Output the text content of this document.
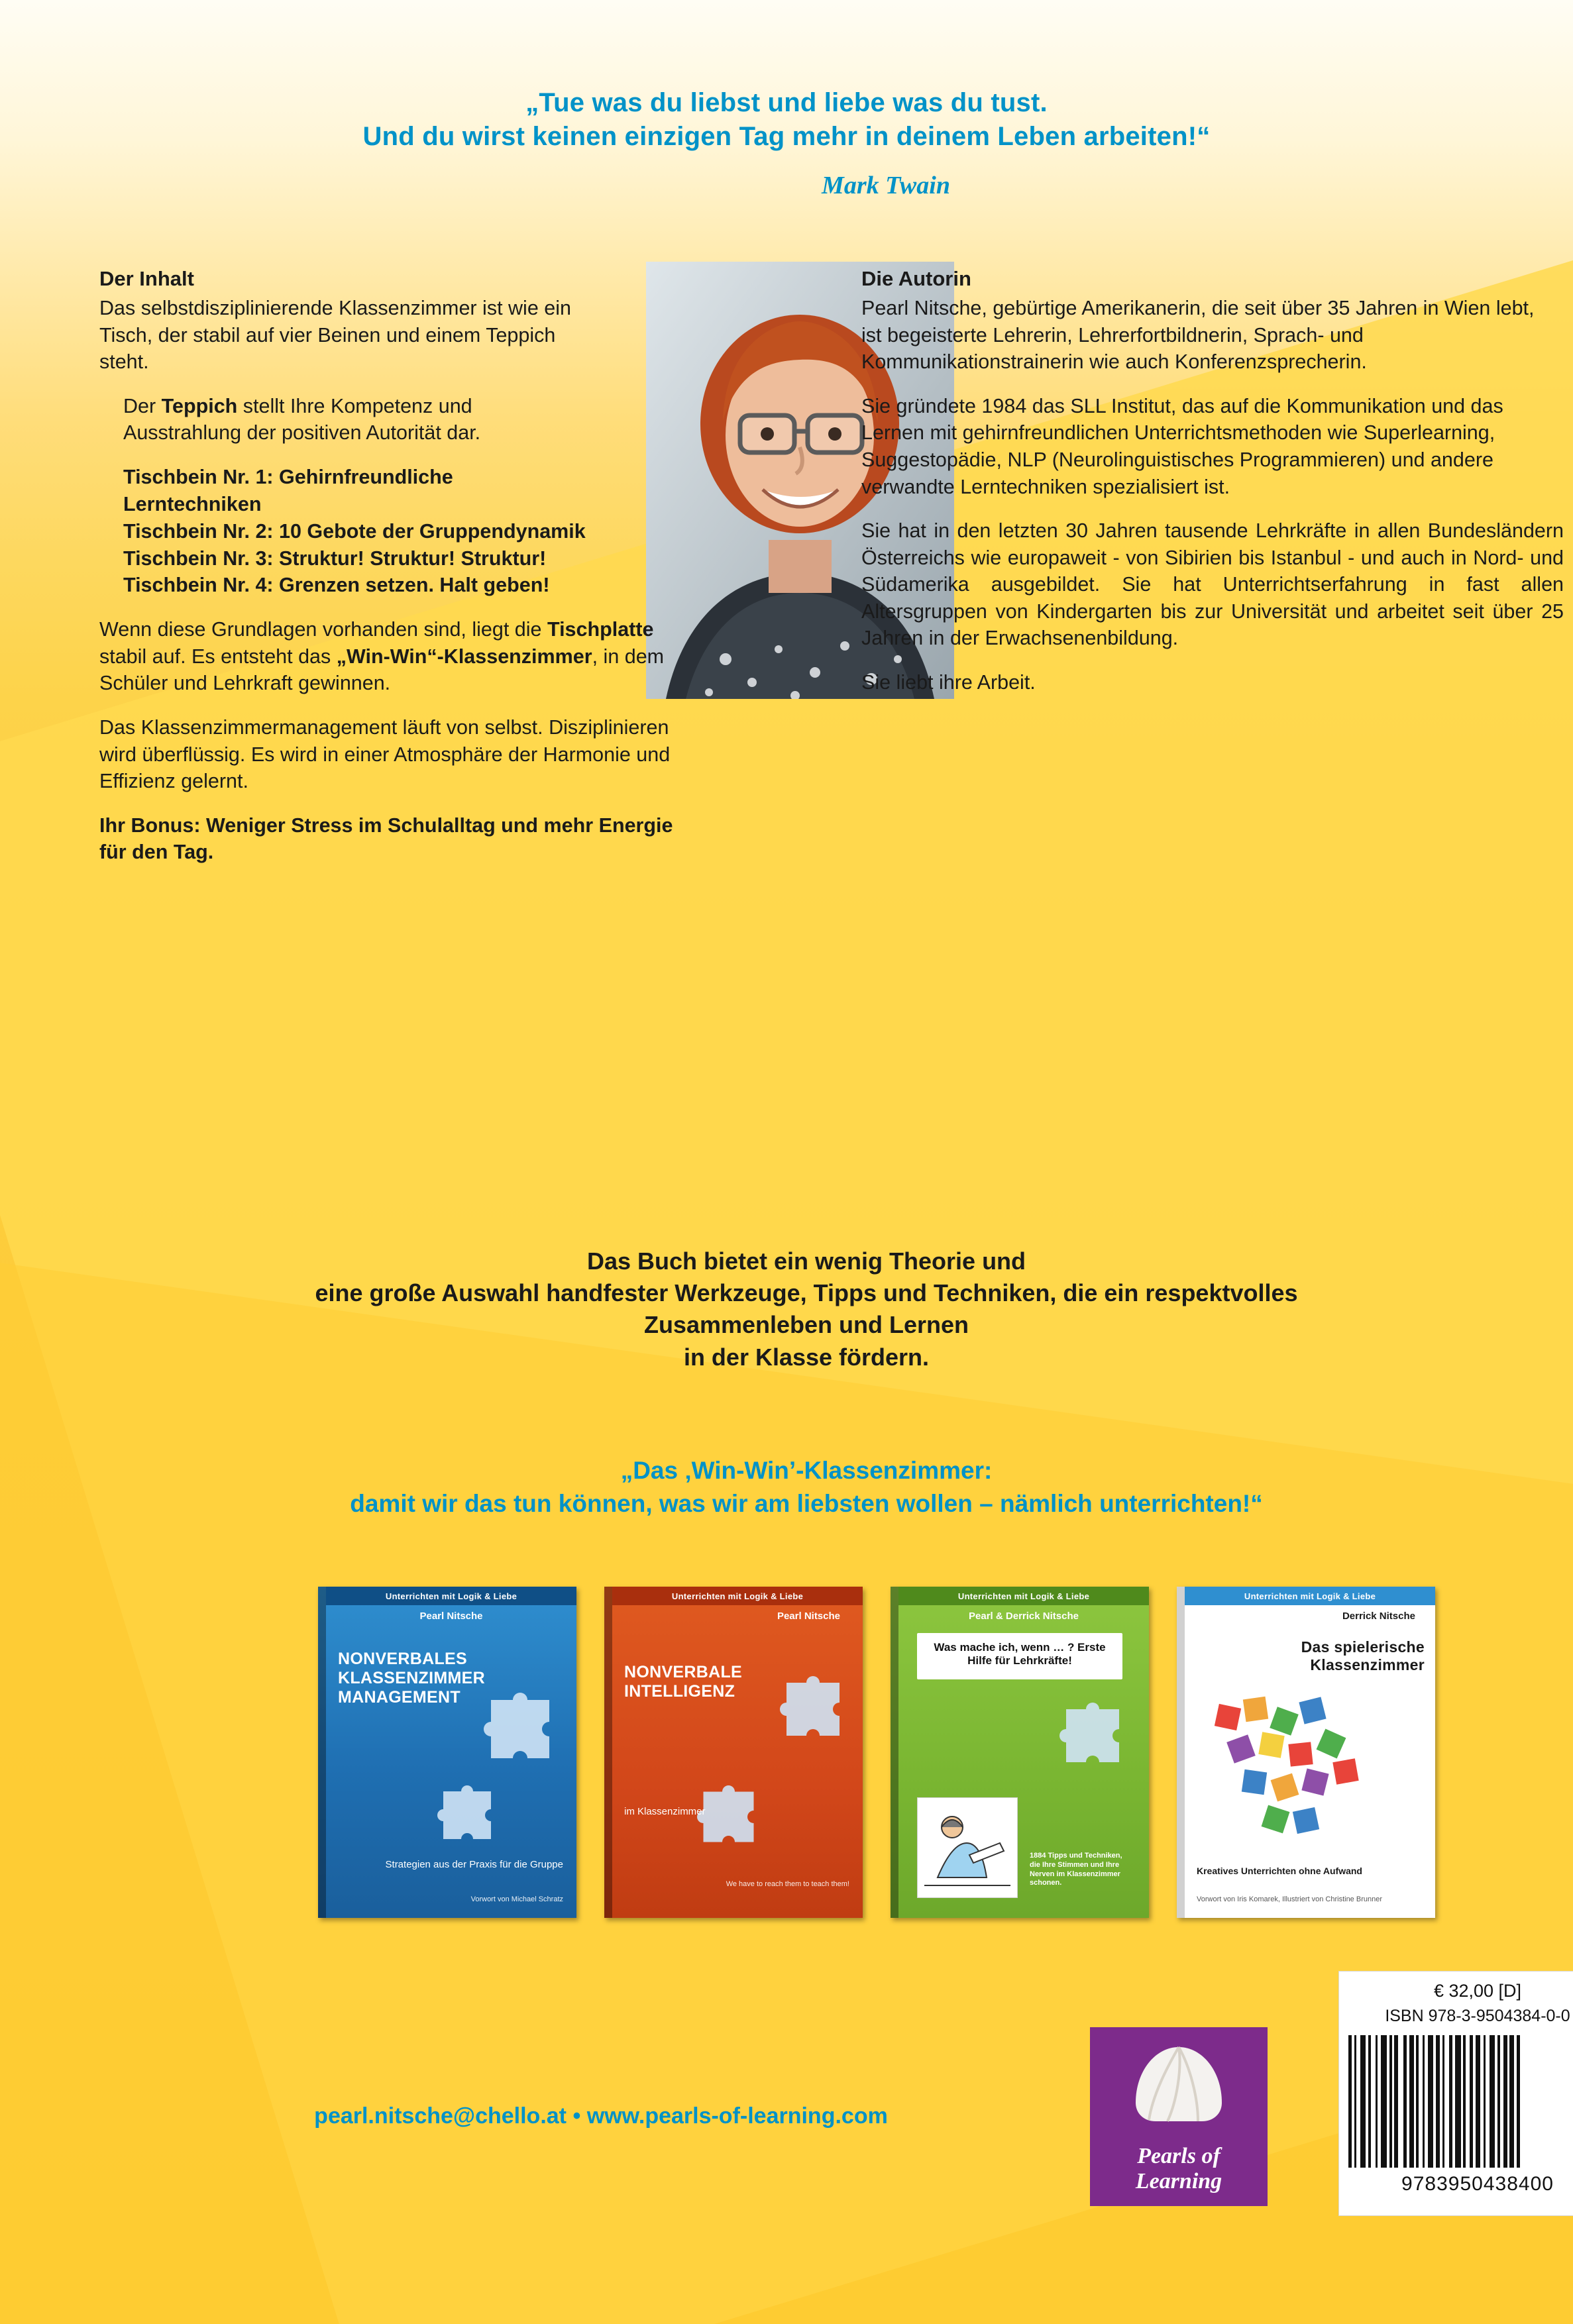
„Tue was du liebst und liebe was du tust.
Und du wirst keinen einzigen Tag mehr in deinem Leben arbeiten!“
Mark Twain
Der Inhalt
Das selbstdisziplinierende Klassenzimmer ist wie ein Tisch, der stabil auf vier Beinen und einem Teppich steht.
Der Teppich stellt Ihre Kompetenz und Ausstrahlung der positiven Autorität dar.
Tischbein Nr. 1: Gehirnfreundliche Lerntechniken
Tischbein Nr. 2: 10 Gebote der Gruppendynamik
Tischbein Nr. 3: Struktur! Struktur! Struktur!
Tischbein Nr. 4: Grenzen setzen. Halt geben!
Wenn diese Grundlagen vorhanden sind, liegt die Tischplatte stabil auf. Es entsteht das „Win-Win“-Klassenzimmer, in dem Schüler und Lehrkraft gewinnen.
Das Klassenzimmermanagement läuft von selbst. Disziplinieren wird überflüssig. Es wird in einer Atmosphäre der Harmonie und Effizienz gelernt.
Ihr Bonus: Weniger Stress im Schulalltag und mehr Energie für den Tag.
Die Autorin
Pearl Nitsche, gebürtige Amerikanerin, die seit über 35 Jahren in Wien lebt, ist begeisterte Lehrerin, Lehrerfortbildnerin, Sprach- und Kommunikationstrainerin wie auch Konferenzsprecherin.
Sie gründete 1984 das SLL Institut, das auf die Kommunikation und das Lernen mit gehirnfreundlichen Unterrichtsmethoden wie Superlearning, Suggestopädie, NLP (Neurolinguistisches Programmieren) und andere verwandte Lerntechniken spezialisiert ist.
Sie hat in den letzten 30 Jahren tausende Lehrkräfte in allen Bundesländern Österreichs wie europaweit - von Sibirien bis Istanbul - und auch in Nord- und Südamerika ausgebildet. Sie hat Unterrichtserfahrung in fast allen Altersgruppen von Kindergarten bis zur Universität und arbeitet seit über 25 Jahren in der Erwachsenenbildung.
Sie liebt ihre Arbeit.
Das Buch bietet ein wenig Theorie und
eine große Auswahl handfester Werkzeuge, Tipps und Techniken, die ein respektvolles
Zusammenleben und Lernen
in der Klasse fördern.
„Das ‚Win-Win’-Klassenzimmer:
damit wir das tun können, was wir am liebsten wollen – nämlich unterrichten!“
Unterrichten mit Logik & Liebe
Pearl Nitsche
NONVERBALES KLASSENZIMMER MANAGEMENT
Strategien aus der Praxis für die Gruppe
Vorwort von Michael Schratz
Unterrichten mit Logik & Liebe
Pearl Nitsche
NONVERBALE INTELLIGENZ
im Klassenzimmer
We have to reach them to teach them!
Unterrichten mit Logik & Liebe
Pearl & Derrick Nitsche
Was mache ich, wenn … ? Erste Hilfe für Lehrkräfte!
1884 Tipps und Techniken, die Ihre Stimmen und Ihre Nerven im Klassenzimmer schonen.
Unterrichten mit Logik & Liebe
Derrick Nitsche
Das spielerische Klassenzimmer
Kreatives Unterrichten ohne Aufwand
Vorwort von Iris Komarek, Illustriert von Christine Brunner
pearl.nitsche@chello.at • www.pearls-of-learning.com
Pearls of
Learning
€ 32,00 [D]
ISBN 978-3-9504384-0-0
9783950438400
